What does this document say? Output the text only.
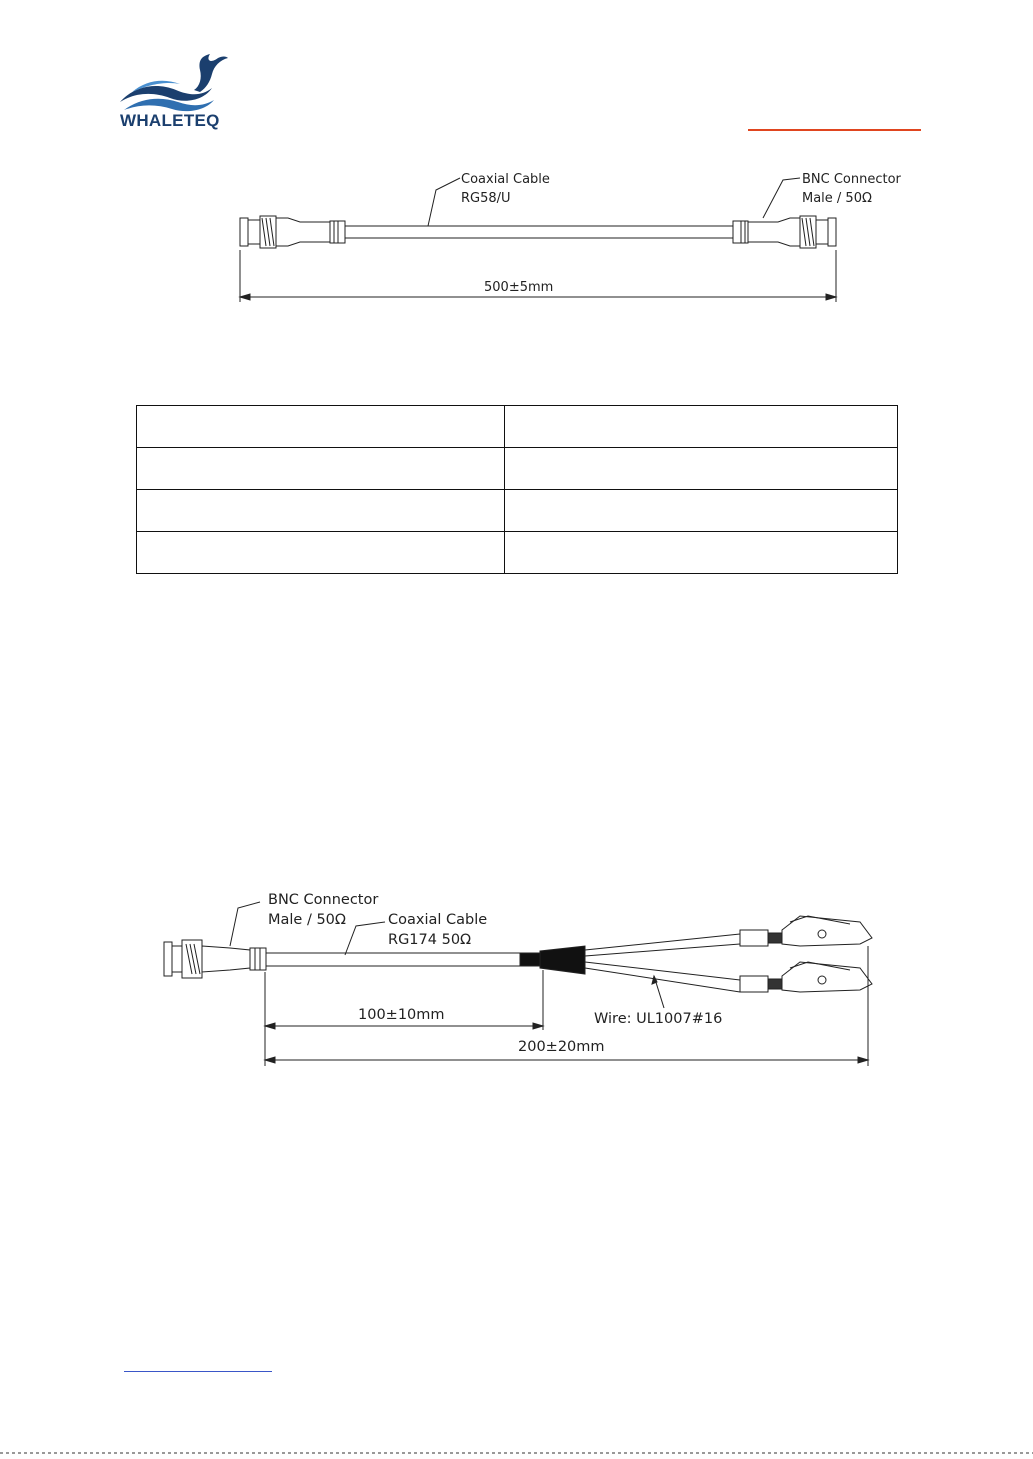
WHALETEQ
Coaxial Cable
RG58/U
BNC Connector
Male / 50Ω
500±5mm

BNC Connector
Male / 50Ω	Coaxial Cable
RG174 50Ω
Wire: UL1007#16
100±10mm
200±20mm
